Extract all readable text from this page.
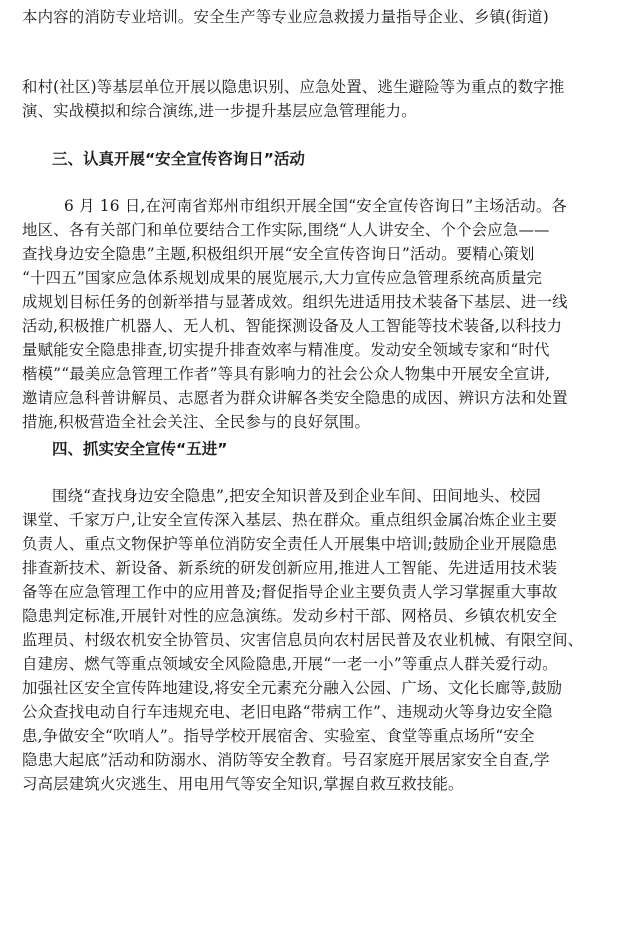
本内容的消防专业培训。安全生产等专业应急救援力量指导企业、乡镇(街道)
和村(社区)等基层单位开展以隐患识别、应急处置、逃生避险等为重点的数字推
演、实战模拟和综合演练,进一步提升基层应急管理能力。
三、认真开展“安全宣传咨询日”活动
6 月 16 日,在河南省郑州市组织开展全国“安全宣传咨询日”主场活动。各
地区、各有关部门和单位要结合工作实际,围绕“人人讲安全、个个会应急——
查找身边安全隐患”主题,积极组织开展“安全宣传咨询日”活动。要精心策划
“十四五”国家应急体系规划成果的展览展示,大力宣传应急管理系统高质量完
成规划目标任务的创新举措与显著成效。组织先进适用技术装备下基层、进一线
活动,积极推广机器人、无人机、智能探测设备及人工智能等技术装备,以科技力
量赋能安全隐患排查,切实提升排查效率与精准度。发动安全领域专家和“时代
楷模”“最美应急管理工作者”等具有影响力的社会公众人物集中开展安全宣讲,
邀请应急科普讲解员、志愿者为群众讲解各类安全隐患的成因、辨识方法和处置
措施,积极营造全社会关注、全民参与的良好氛围。
四、抓实安全宣传“五进”
围绕“查找身边安全隐患”,把安全知识普及到企业车间、田间地头、校园
课堂、千家万户,让安全宣传深入基层、热在群众。重点组织金属冶炼企业主要
负责人、重点文物保护等单位消防安全责任人开展集中培训;鼓励企业开展隐患
排查新技术、新设备、新系统的研发创新应用,推进人工智能、先进适用技术装
备等在应急管理工作中的应用普及;督促指导企业主要负责人学习掌握重大事故
隐患判定标准,开展针对性的应急演练。发动乡村干部、网格员、乡镇农机安全
监理员、村级农机安全协管员、灾害信息员向农村居民普及农业机械、有限空间、
自建房、燃气等重点领域安全风险隐患,开展“一老一小”等重点人群关爱行动。
加强社区安全宣传阵地建设,将安全元素充分融入公园、广场、文化长廊等,鼓励
公众查找电动自行车违规充电、老旧电路“带病工作”、违规动火等身边安全隐
患,争做安全“吹哨人”。指导学校开展宿舍、实验室、食堂等重点场所“安全
隐患大起底”活动和防溺水、消防等安全教育。号召家庭开展居家安全自查,学
习高层建筑火灾逃生、用电用气等安全知识,掌握自救互救技能。
